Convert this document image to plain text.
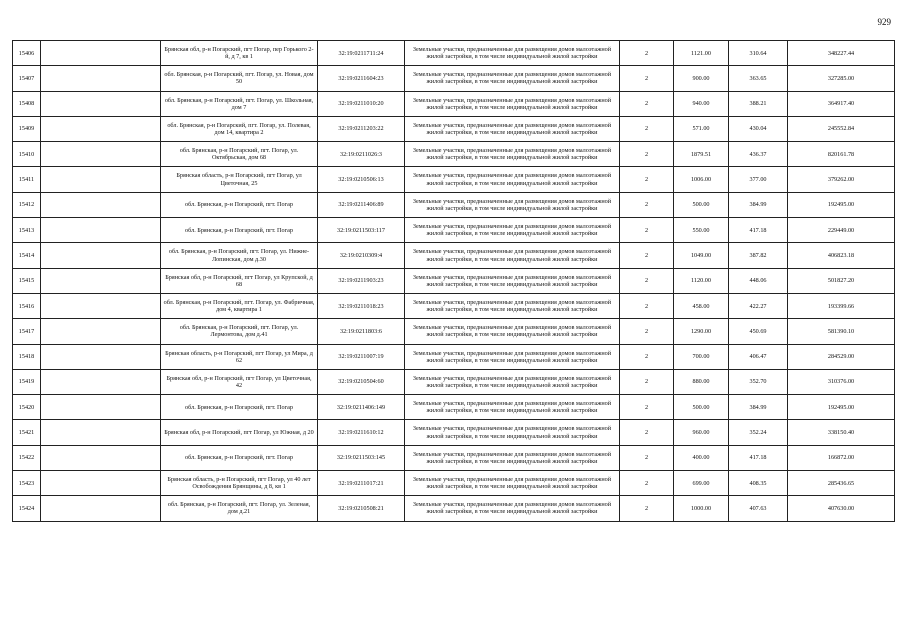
929
15406		Брянская обл, р-н Погарский, пгт Погар, пер Горького 2-й, д 7, кв 1	32:19:0211711:24	Земельные участки, предназначенные для размещения домов малоэтажной жилой застройки, в том числе индивидуальной жилой застройки	2	1121.00	310.64	348227.44
15407		обл. Брянская, р-н Погарский, пгт. Погар, ул. Новая, дом 50	32:19:0211604:23	Земельные участки, предназначенные для размещения домов малоэтажной жилой застройки, в том числе индивидуальной жилой застройки	2	900.00	363.65	327285.00
15408		обл. Брянская, р-н Погарский, пгт. Погар, ул. Школьная, дом 7	32:19:0211010:20	Земельные участки, предназначенные для размещения домов малоэтажной жилой застройки, в том числе индивидуальной жилой застройки	2	940.00	388.21	364917.40
15409		обл. Брянская, р-н Погарский, пгт. Погар, ул. Полевая, дом 14, квартира 2	32:19:0211203:22	Земельные участки, предназначенные для размещения домов малоэтажной жилой застройки, в том числе индивидуальной жилой застройки	2	571.00	430.04	245552.84
15410		обл. Брянская, р-н Погарский, пгт. Погар, ул. Октябрьская, дом 68	32:19:0211026:3	Земельные участки, предназначенные для размещения домов малоэтажной жилой застройки, в том числе индивидуальной жилой застройки	2	1879.51	436.37	820161.78
15411		Брянская область, р-н Погарский, пгт Погар, ул Цветочная, 25	32:19:0210506:13	Земельные участки, предназначенные для размещения домов малоэтажной жилой застройки, в том числе индивидуальной жилой застройки	2	1006.00	377.00	379262.00
15412		обл. Брянская, р-н Погарский, пгт. Погар	32:19:0211406:89	Земельные участки, предназначенные для размещения домов малоэтажной жилой застройки, в том числе индивидуальной жилой застройки	2	500.00	384.99	192495.00
15413		обл. Брянская, р-н Погарский, пгт. Погар	32:19:0211503:117	Земельные участки, предназначенные для размещения домов малоэтажной жилой застройки, в том числе индивидуальной жилой застройки	2	550.00	417.18	229449.00
15414		обл. Брянская, р-н Погарский, пгт. Погар, ул. Нижне-Лопинская, дом д.30	32:19:0210309:4	Земельные участки, предназначенные для размещения домов малоэтажной жилой застройки, в том числе индивидуальной жилой застройки	2	1049.00	387.82	406823.18
15415		Брянская обл, р-н Погарский, пгт Погар, ул Крупской, д 68	32:19:0211903:23	Земельные участки, предназначенные для размещения домов малоэтажной жилой застройки, в том числе индивидуальной жилой застройки	2	1120.00	448.06	501827.20
15416		обл. Брянская, р-н Погарский, пгт. Погар, ул. Фабричная, дом 4, квартира 1	32:19:0211018:23	Земельные участки, предназначенные для размещения домов малоэтажной жилой застройки, в том числе индивидуальной жилой застройки	2	458.00	422.27	193399.66
15417		обл. Брянская, р-н Погарский, пгт. Погар, ул. Лермонтова, дом д.41	32:19:0211803:6	Земельные участки, предназначенные для размещения домов малоэтажной жилой застройки, в том числе индивидуальной жилой застройки	2	1290.00	450.69	581390.10
15418		Брянская область, р-н Погарский, пгт Погар, ул Мира, д 62	32:19:0211007:19	Земельные участки, предназначенные для размещения домов малоэтажной жилой застройки, в том числе индивидуальной жилой застройки	2	700.00	406.47	284529.00
15419		Брянская обл, р-н Погарский, пгт Погар, ул Цветочная, 42	32:19:0210504:60	Земельные участки, предназначенные для размещения домов малоэтажной жилой застройки, в том числе индивидуальной жилой застройки	2	880.00	352.70	310376.00
15420		обл. Брянская, р-н Погарский, пгт. Погар	32:19:0211406:149	Земельные участки, предназначенные для размещения домов малоэтажной жилой застройки, в том числе индивидуальной жилой застройки	2	500.00	384.99	192495.00
15421		Брянская обл, р-н Погарский, пгт Погар, ул Южная, д 20	32:19:0211610:12	Земельные участки, предназначенные для размещения домов малоэтажной жилой застройки, в том числе индивидуальной жилой застройки	2	960.00	352.24	338150.40
15422		обл. Брянская, р-н Погарский, пгт. Погар	32:19:0211503:145	Земельные участки, предназначенные для размещения домов малоэтажной жилой застройки, в том числе индивидуальной жилой застройки	2	400.00	417.18	166872.00
15423		Брянская область, р-н Погарский, пгт Погар, ул 40 лет Освобождения Брянщины, д 8, кв 1	32:19:0211017:21	Земельные участки, предназначенные для размещения домов малоэтажной жилой застройки, в том числе индивидуальной жилой застройки	2	699.00	408.35	285436.65
15424		обл. Брянская, р-н Погарский, пгт. Погар, ул. Зеленая, дом д.21	32:19:0210508:21	Земельные участки, предназначенные для размещения домов малоэтажной жилой застройки, в том числе индивидуальной жилой застройки	2	1000.00	407.63	407630.00
